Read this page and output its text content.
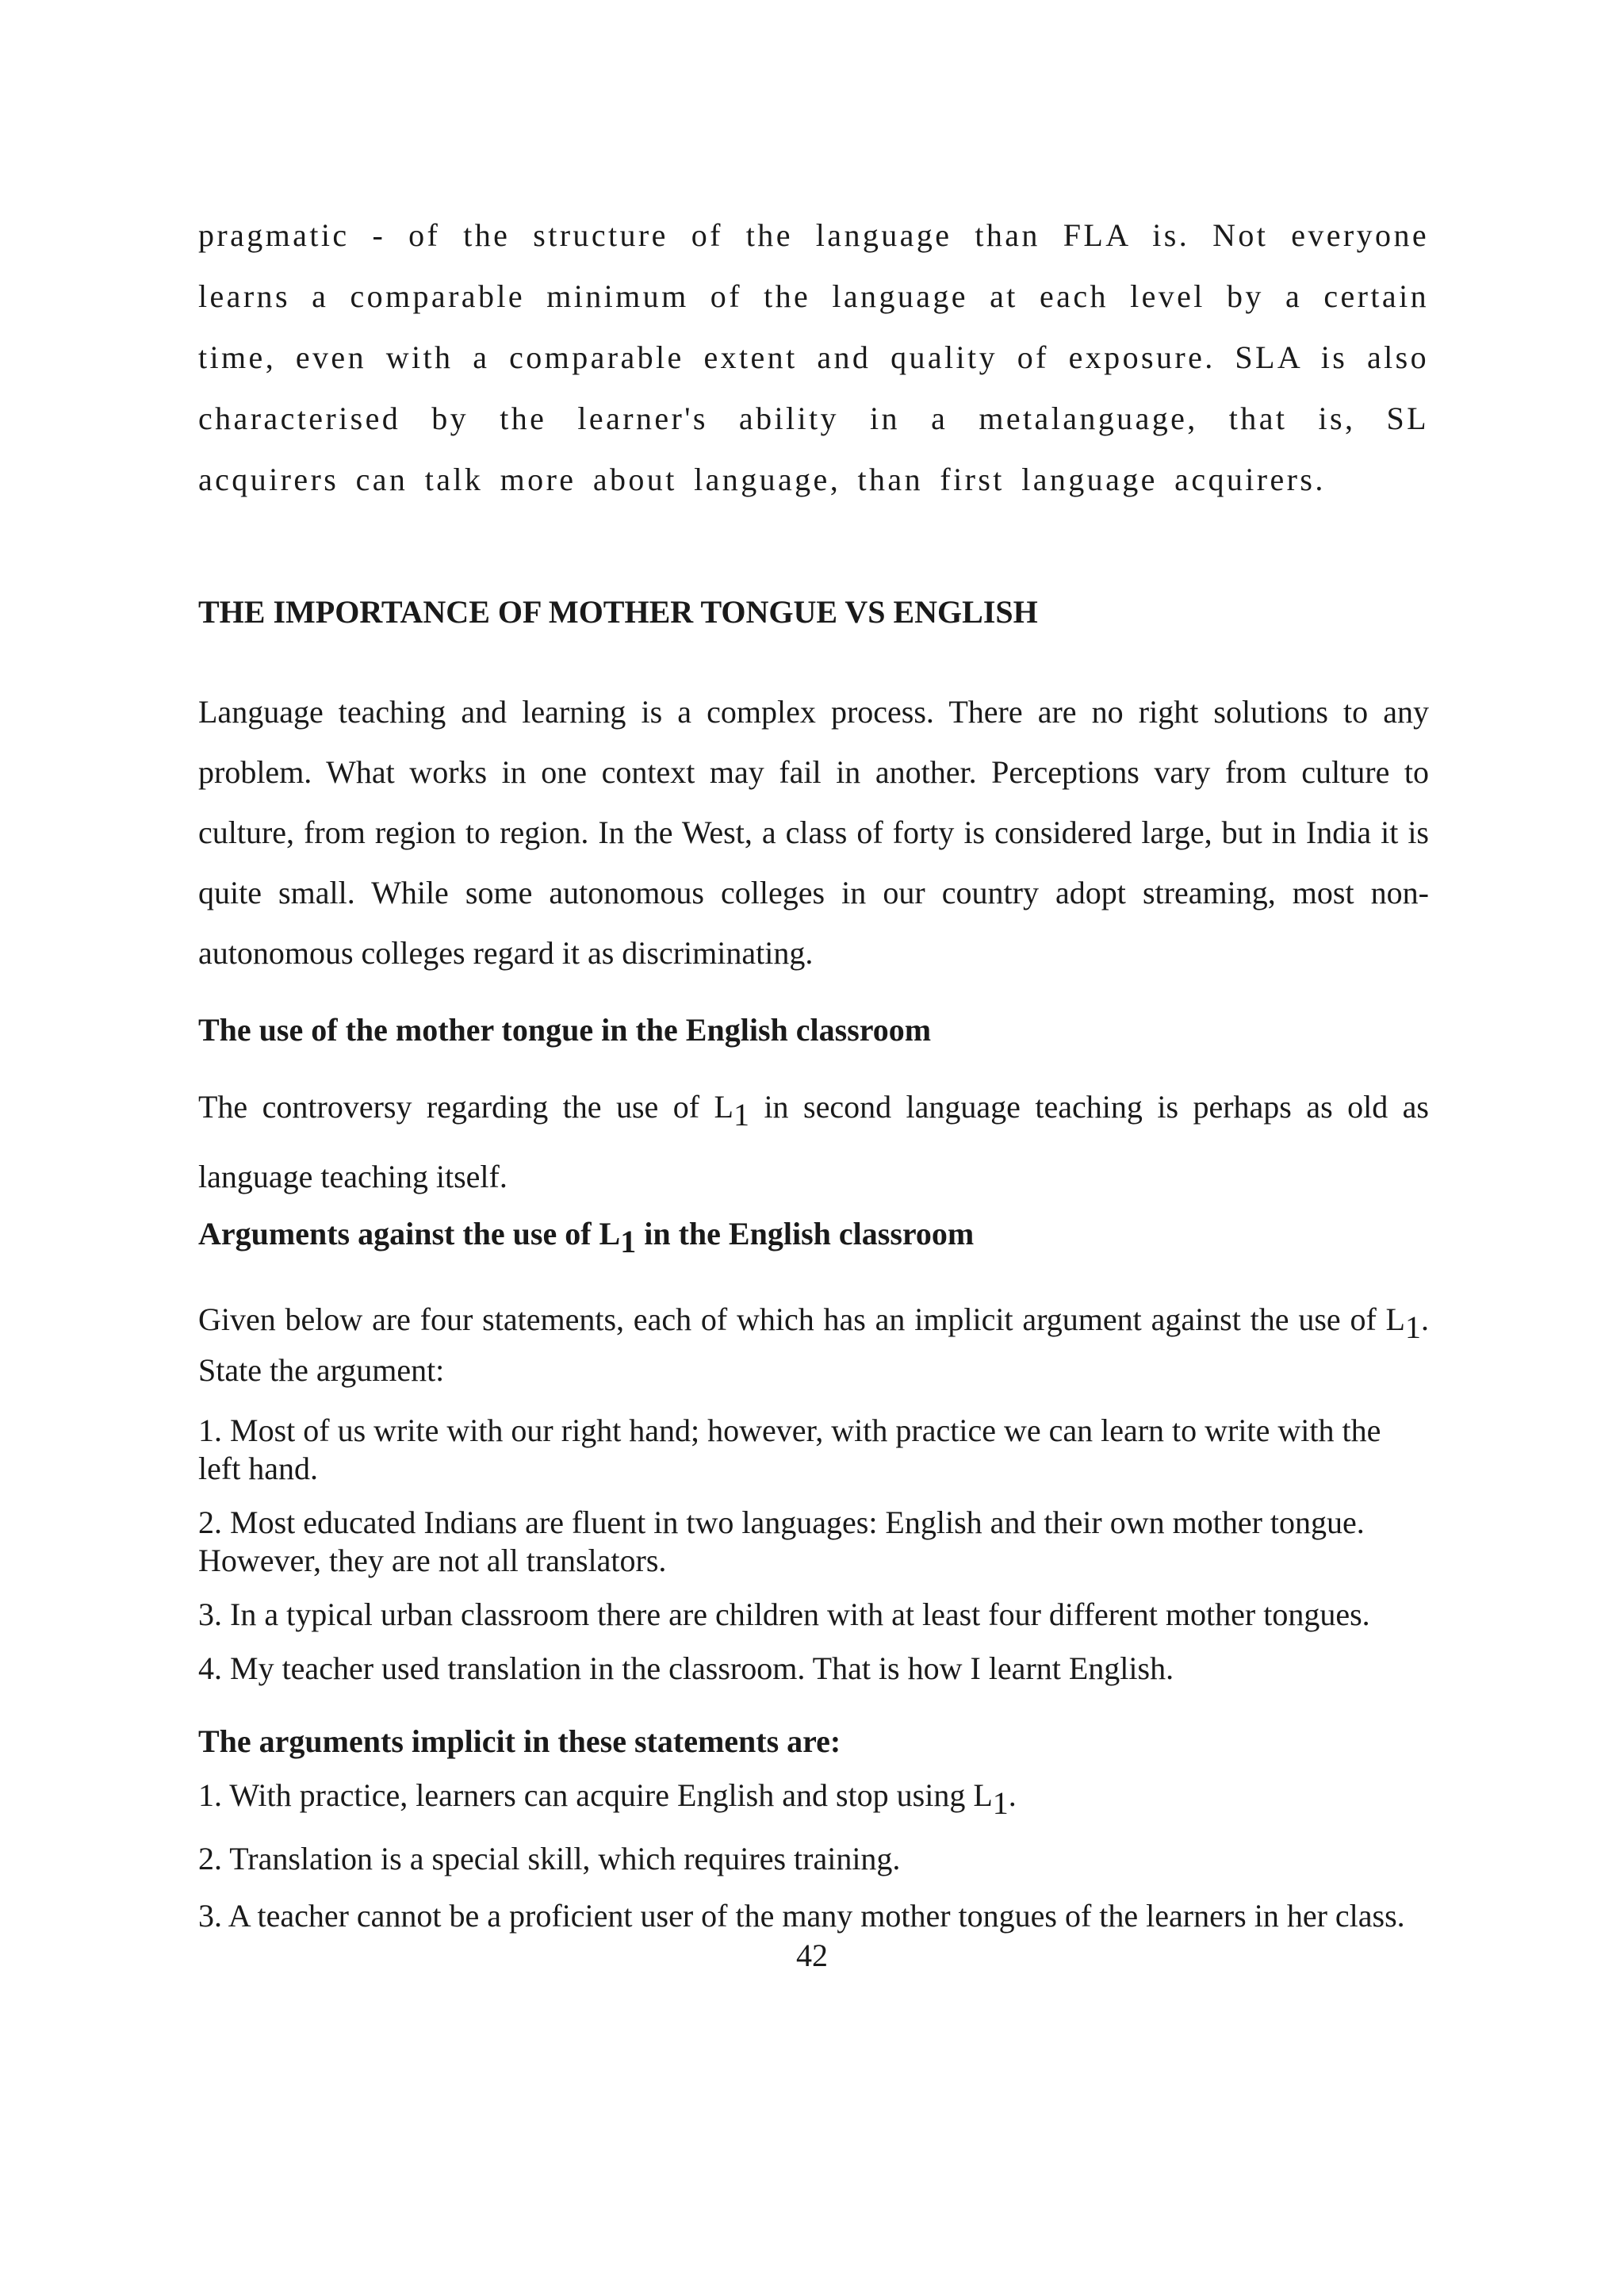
pragmatic - of the structure of the language than FLA is. Not everyone learns a comparable minimum of the language at each level by a certain time, even with a comparable extent and quality of exposure. SLA is also characterised by the learner's ability in a metalanguage, that is, SL acquirers can talk more about language, than first language acquirers.

THE IMPORTANCE OF MOTHER TONGUE VS ENGLISH

Language teaching and learning is a complex process. There are no right solutions to any problem. What works in one context may fail in another. Perceptions vary from culture to culture, from region to region. In the West, a class of forty is considered large, but in India it is quite small. While some autonomous colleges in our country adopt streaming, most non-autonomous colleges regard it as discriminating.

The use of the mother tongue in the English classroom

The controversy regarding the use of $L_1$ in second language teaching is perhaps as old as language teaching itself.

Arguments against the use of $L_1$ in the English classroom

Given below are four statements, each of which has an implicit argument against the use of $L_1$. State the argument:

1. Most of us write with our right hand; however, with practice we can learn to write with the left hand.
2. Most educated Indians are fluent in two languages: English and their own mother tongue. However, they are not all translators.
3. In a typical urban classroom there are children with at least four different mother tongues.
4. My teacher used translation in the classroom. That is how I learnt English.
The arguments implicit in these statements are:
1. With practice, learners can acquire English and stop using $L_1$.
2. Translation is a special skill, which requires training.
3. A teacher cannot be a proficient user of the many mother tongues of the learners in her class.
42
